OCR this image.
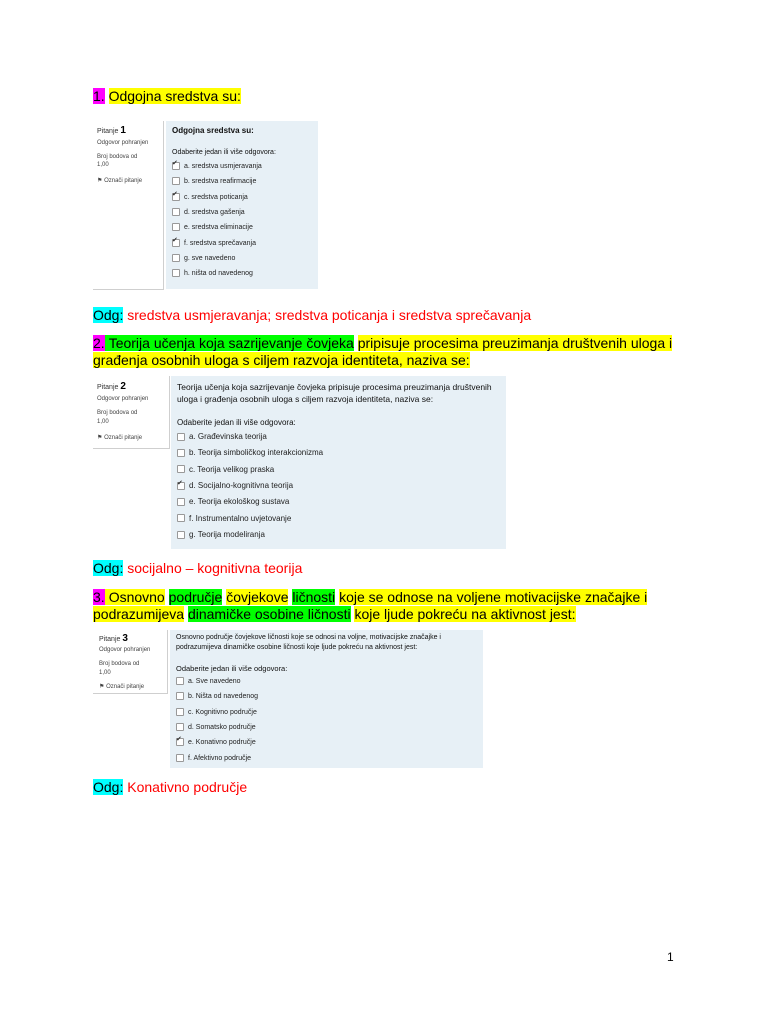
1. Odgojna sredstva su:
Pitanje 1
Odgovor pohranjen
Broj bodova od
1,00
⚑ Označi pitanje
Odgojna sredstva su:
Odaberite jedan ili više odgovora:
✔a. sredstva usmjeravanja
b. sredstva reafirmacije
✔c. sredstva poticanja
d. sredstva gašenja
e. sredstva eliminacije
✔f. sredstva sprečavanja
g. sve navedeno
h. ništa od navedenog
Odg: sredstva usmjeravanja; sredstva poticanja i sredstva sprečavanja
2. Teorija učenja koja sazrijevanje čovjeka pripisuje procesima preuzimanja društvenih uloga i
građenja osobnih uloga s ciljem razvoja identiteta, naziva se:
Pitanje 2
Odgovor pohranjen
Broj bodova od
1,00
⚑ Označi pitanje
Teorija učenja koja sazrijevanje čovjeka pripisuje procesima preuzimanja društvenih uloga i građenja osobnih uloga s ciljem razvoja identiteta, naziva se:
Odaberite jedan ili više odgovora:
a. Građevinska teorija
b. Teorija simboličkog interakcionizma
c. Teorija velikog praska
✔d. Socijalno-kognitivna teorija
e. Teorija ekološkog sustava
f. Instrumentalno uvjetovanje
g. Teorija modeliranja
Odg: socijalno – kognitivna teorija
3. Osnovno područje čovjekove ličnosti koje se odnose na voljene motivacijske značajke i
podrazumijeva dinamičke osobine ličnosti koje ljude pokreću na aktivnost jest:
Pitanje 3
Odgovor pohranjen
Broj bodova od
1,00
⚑ Označi pitanje
Osnovno područje čovjekove ličnosti koje se odnosi na voljne, motivacijske značajke i podrazumijeva dinamičke osobine ličnosti koje ljude pokreću na aktivnost jest:
Odaberite jedan ili više odgovora:
a. Sve navedeno
b. Ništa od navedenog
c. Kognitivno područje
d. Somatsko područje
✔e. Konativno područje
f. Afektivno područje
Odg: Konativno područje
1
